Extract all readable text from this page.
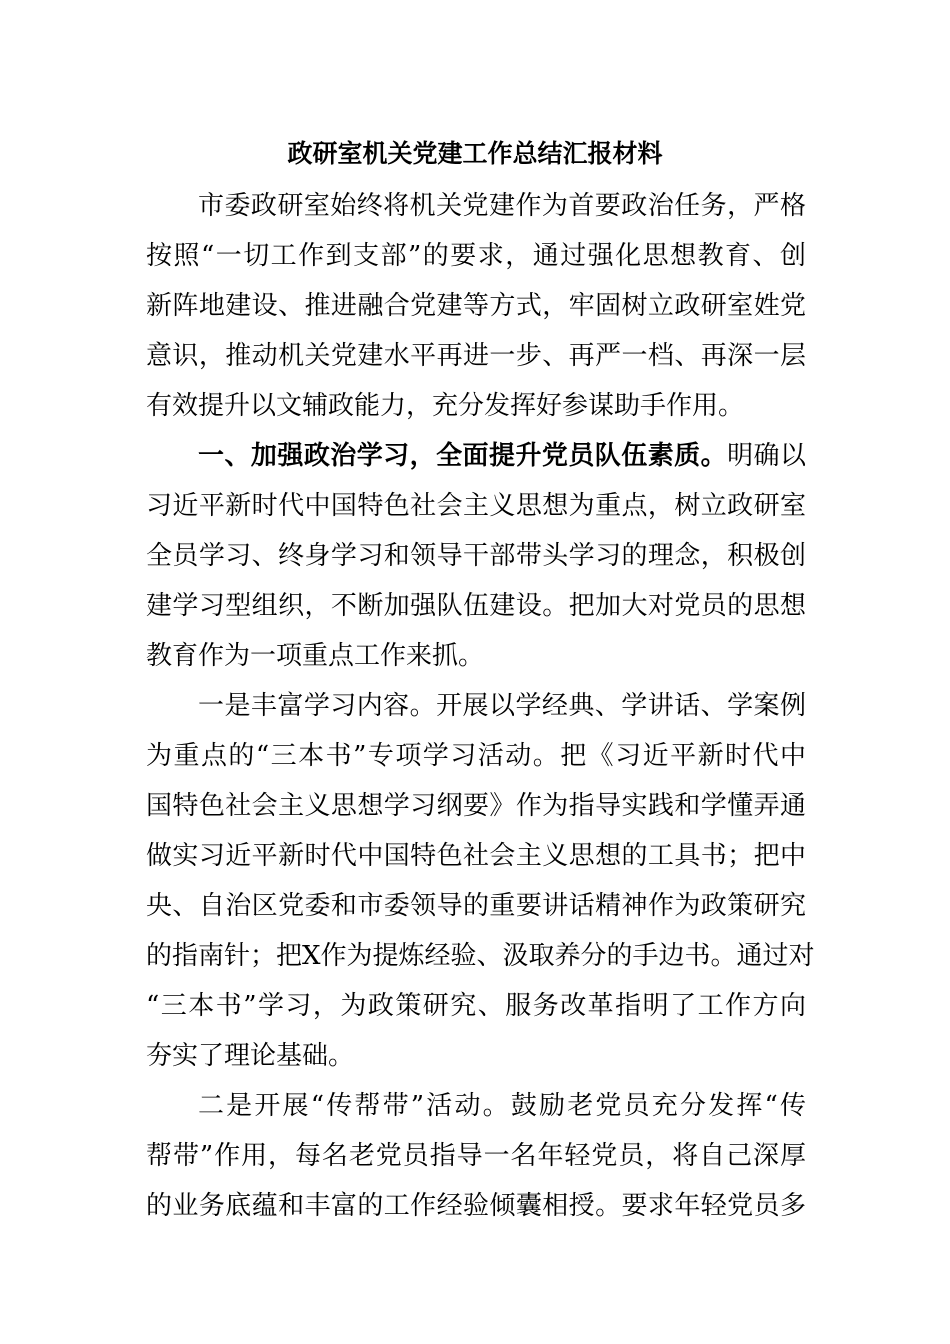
政研室机关党建工作总结汇报材料
市委政研室始终将机关党建作为首要政治任务，严格
按照“一切工作到支部”的要求，通过强化思想教育、创
新阵地建设、推进融合党建等方式，牢固树立政研室姓党
意识，推动机关党建水平再进一步、再严一档、再深一层
有效提升以文辅政能力，充分发挥好参谋助手作用。
一、加强政治学习，全面提升党员队伍素质。明确以
习近平新时代中国特色社会主义思想为重点，树立政研室
全员学习、终身学习和领导干部带头学习的理念，积极创
建学习型组织，不断加强队伍建设。把加大对党员的思想
教育作为一项重点工作来抓。
一是丰富学习内容。开展以学经典、学讲话、学案例
为重点的“三本书”专项学习活动。把《习近平新时代中
国特色社会主义思想学习纲要》作为指导实践和学懂弄通
做实习近平新时代中国特色社会主义思想的工具书；把中
央、自治区党委和市委领导的重要讲话精神作为政策研究
的指南针；把X作为提炼经验、汲取养分的手边书。通过对
“三本书”学习，为政策研究、服务改革指明了工作方向
夯实了理论基础。
二是开展“传帮带”活动。鼓励老党员充分发挥“传
帮带”作用，每名老党员指导一名年轻党员，将自己深厚
的业务底蕴和丰富的工作经验倾囊相授。要求年轻党员多
